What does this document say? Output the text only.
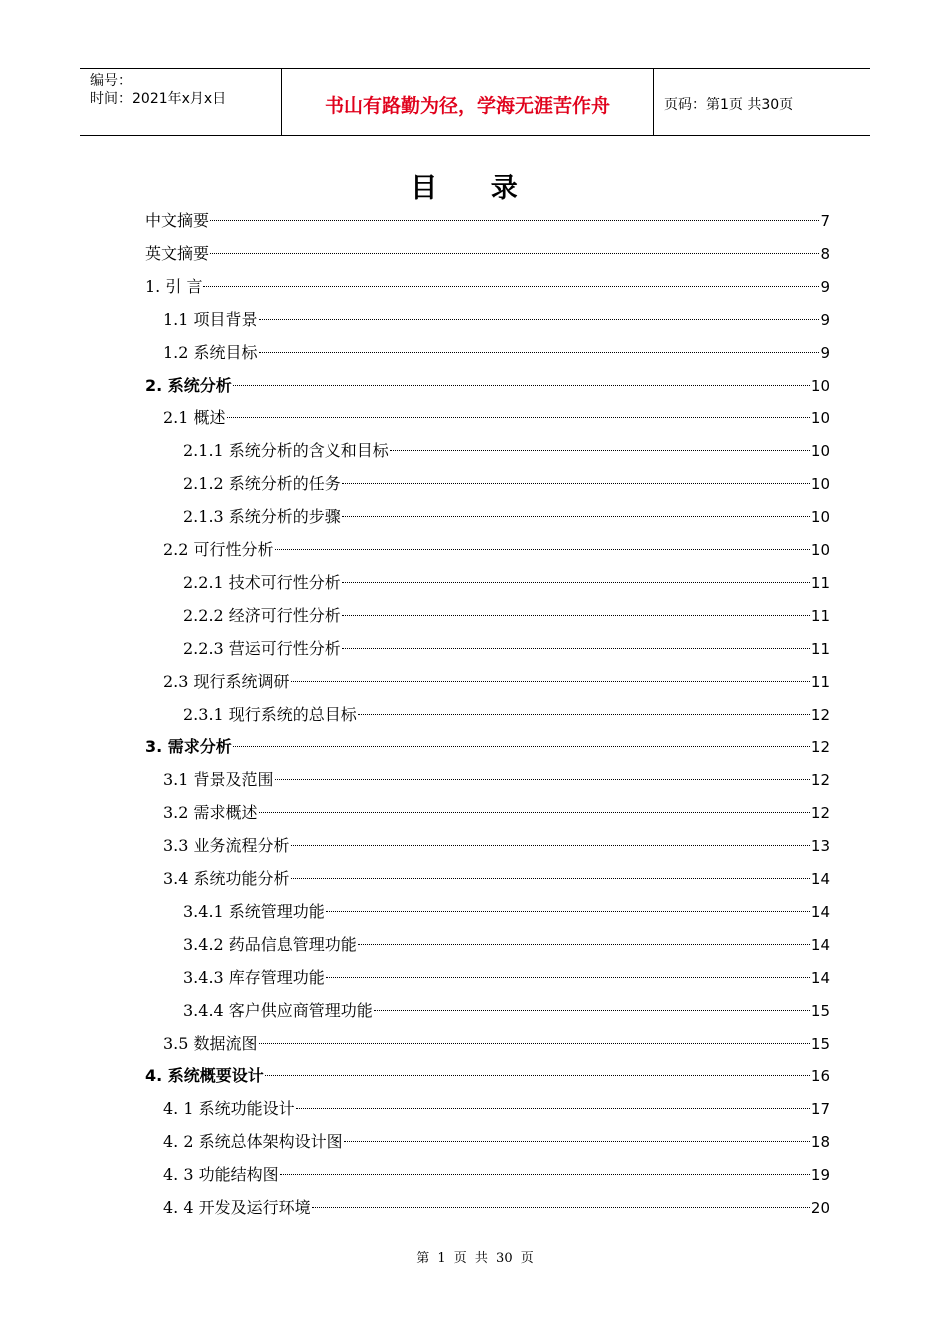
编号：
时间：2021年x月x日	书山有路勤为径，学海无涯苦作舟	页码：第1页 共30页
目 录
中文摘要	7
英文摘要	8
1. 引 言	9
1.1 项目背景	9
1.2 系统目标	9
2. 系统分析	10
2.1 概述	10
2.1.1 系统分析的含义和目标	10
2.1.2 系统分析的任务	10
2.1.3 系统分析的步骤	10
2.2 可行性分析	10
2.2.1 技术可行性分析	11
2.2.2 经济可行性分析	11
2.2.3 营运可行性分析	11
2.3 现行系统调研	11
2.3.1 现行系统的总目标	12
3. 需求分析	12
3.1 背景及范围	12
3.2 需求概述	12
3.3 业务流程分析	13
3.4 系统功能分析	14
3.4.1 系统管理功能	14
3.4.2 药品信息管理功能	14
3.4.3 库存管理功能	14
3.4.4 客户供应商管理功能	15
3.5 数据流图	15
4. 系统概要设计	16
4. 1 系统功能设计	17
4. 2 系统总体架构设计图	18
4. 3 功能结构图	19
4. 4 开发及运行环境	20
第 1 页 共 30 页
